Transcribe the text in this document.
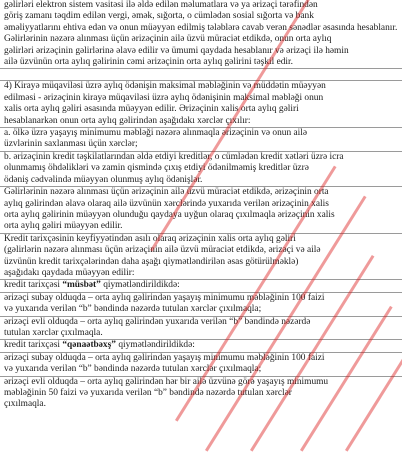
gəlirləri elektron sistem vasitəsi ilə əldə edilən məlumatlara və ya ərizəçi tərəfindən
göriş zamanı təqdim edilən vergi, əmək, sığorta, o cümlədən sosial sığorta və bank
əməliyyatlarını ehtiva edən və onun müəyyən edilmiş tələblərə cavab verən sənədlər əsasında hesablanır.
Gəlirlərinin nəzərə alınması üçün ərizəçinin ailə üzvü müraciət etdikdə, onun orta aylıq
gəlirləri ərizəçinin gəlirlərinə əlavə edilir və ümumi qaydada hesablanır və ərizəçi ilə həmin
ailə üzvünün orta aylıq gəlirinin cəmi ərizəçinin orta aylıq gəlirini təşkil edir.
4) Kirayə müqaviləsi üzrə aylıq ödənişin maksimal məbləğinin və müddətin müəyyən
edilməsi - ərizəçinin kirayə müqaviləsi üzrə aylıq ödənişinin maksimal məbləği onun
xalis orta aylıq gəliri əsasında müəyyən edilir. Ərizəçinin xalis orta aylıq gəliri
hesablanarkən onun orta aylıq gəlirindən aşağıdakı xərclər çıxılır:
a. ölkə üzrə yaşayış minimumu məbləği nəzərə alınmaqla ərizəçinin və onun ailə
üzvlərinin saxlanması üçün xərclər;
b. ərizəçinin kredit təşkilatlarından əldə etdiyi kreditlər, o cümlədən kredit xətləri üzrə icra
olunmamış öhdəlikləri və zamin qismində çıxış etdiyi ödənilməmiş kreditlər üzrə
ödəniş cədvəlində müəyyən olunmuş aylıq ödənişlər.
Gəlirlərinin nəzərə alınması üçün ərizəçinin ailə üzvü müraciət etdikdə, ərizəçinin orta
aylıq gəlirindən əlavə olaraq ailə üzvünün xərclərində yuxarıda verilən ərizəçinin xalis
orta aylıq gəlirinin müəyyən olunduğu qaydaya uyğun olaraq çıxılmaqla ərizəçinin xalis
orta aylıq gəliri müəyyən edilir.
Kredit tarixçəsinin keyfiyyətindən asılı olaraq ərizəçinin xalis orta aylıq gəliri
(gəlirlərin nəzərə alınması üçün ərizəçinin ailə üzvü müraciət etdikdə, ərizəçi və ailə
üzvünün kredit tarixçələrindən daha aşağı qiymətləndirilən əsas götürülməklə)
aşağıdakı qaydada müəyyən edilir:
kredit tarixçəsi “müsbət” qiymətləndirildikdə:
ərizəçi subay olduqda – orta aylıq gəlirindən yaşayış minimumu məbləğinin 100 faizi
və yuxarıda verilən “b” bəndində nəzərdə tutulan xərclər çıxılmaqla;
ərizəçi evli olduqda – orta aylıq gəlirindən yuxarıda verilən “b” bəndində nəzərdə
tutulan xərclər çıxılmaqla.
kredit tarixçəsi “qənaətbəxş” qiymətləndirildikdə:
ərizəçi subay olduqda – orta aylıq gəlirindən yaşayış minimumu məbləğinin 100 faizi
və yuxarıda verilən “b” bəndində nəzərdə tutulan xərclər çıxılmaqla;
ərizəçi evli olduqda – orta aylıq gəlirindən hər bir ailə üzvünə görə yaşayış minimumu
məbləğinin 50 faizi və yuxarıda verilən “b” bəndində nəzərdə tutulan xərclər
çıxılmaqla.
